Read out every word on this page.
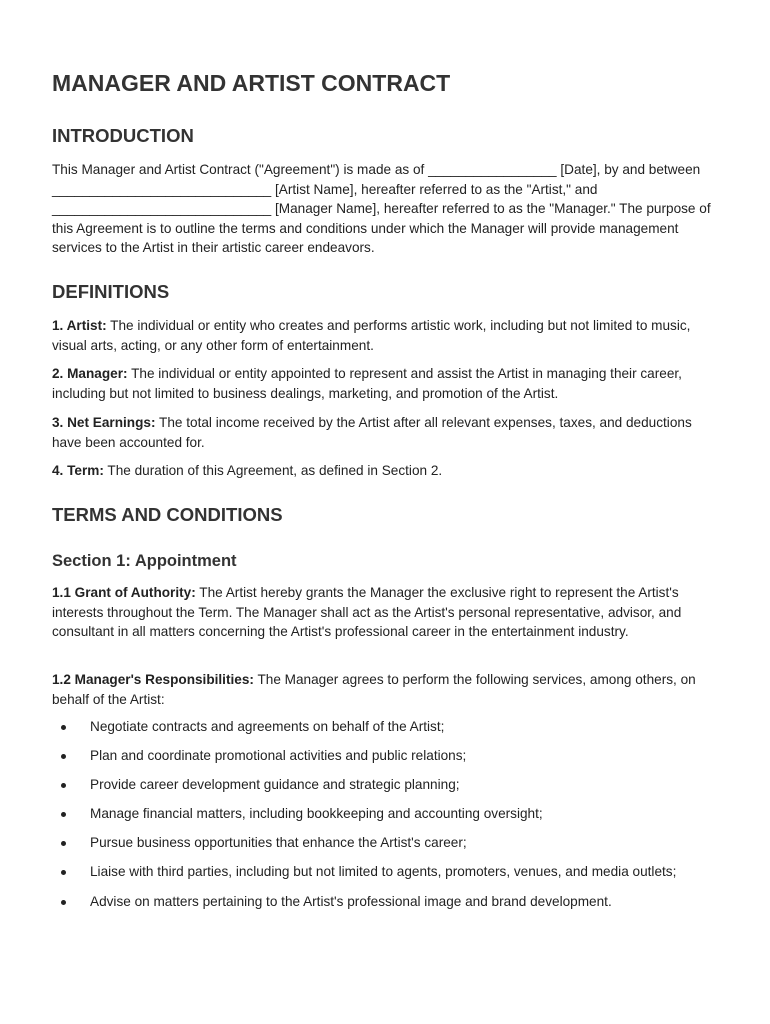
MANAGER AND ARTIST CONTRACT
INTRODUCTION

This Manager and Artist Contract ("Agreement") is made as of _________________ [Date], by and between _____________________________ [Artist Name], hereafter referred to as the "Artist," and _____________________________ [Manager Name], hereafter referred to as the "Manager." The purpose of this Agreement is to outline the terms and conditions under which the Manager will provide management services to the Artist in their artistic career endeavors.

DEFINITIONS

1. Artist: The individual or entity who creates and performs artistic work, including but not limited to music, visual arts, acting, or any other form of entertainment.

2. Manager: The individual or entity appointed to represent and assist the Artist in managing their career, including but not limited to business dealings, marketing, and promotion of the Artist.

3. Net Earnings: The total income received by the Artist after all relevant expenses, taxes, and deductions have been accounted for.

4. Term: The duration of this Agreement, as defined in Section 2.

TERMS AND CONDITIONS
Section 1: Appointment

1.1 Grant of Authority: The Artist hereby grants the Manager the exclusive right to represent the Artist's interests throughout the Term. The Manager shall act as the Artist's personal representative, advisor, and consultant in all matters concerning the Artist's professional career in the entertainment industry.

1.2 Manager's Responsibilities: The Manager agrees to perform the following services, among others, on behalf of the Artist:

Negotiate contracts and agreements on behalf of the Artist;
Plan and coordinate promotional activities and public relations;
Provide career development guidance and strategic planning;
Manage financial matters, including bookkeeping and accounting oversight;
Pursue business opportunities that enhance the Artist's career;
Liaise with third parties, including but not limited to agents, promoters, venues, and media outlets;
Advise on matters pertaining to the Artist's professional image and brand development.
